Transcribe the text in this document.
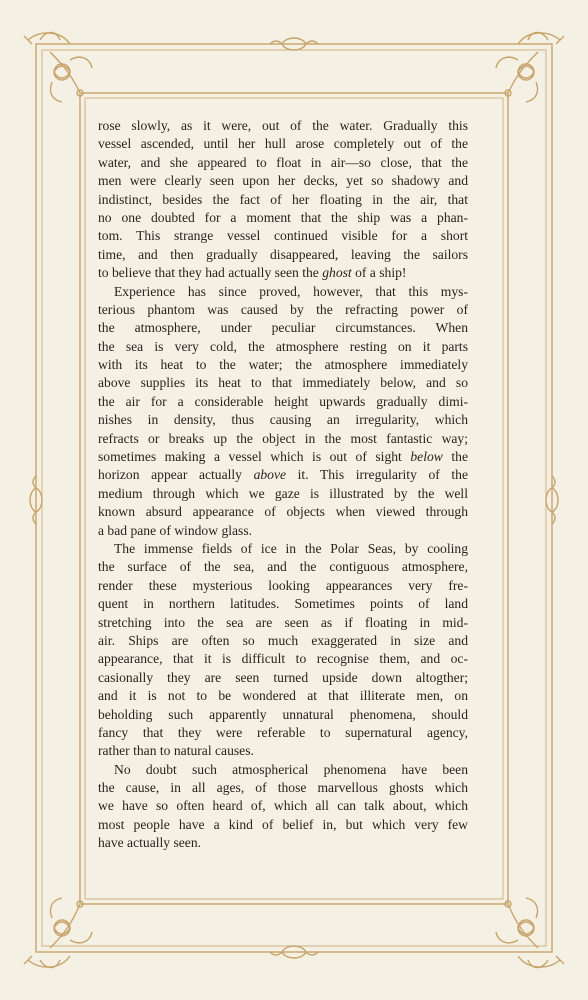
rose slowly, as it were, out of the water. Gradually this
vessel ascended, until her hull arose completely out of the
water, and she appeared to float in air—so close, that the
men were clearly seen upon her decks, yet so shadowy and
indistinct, besides the fact of her floating in the air, that
no one doubted for a moment that the ship was a phan-
tom. This strange vessel continued visible for a short
time, and then gradually disappeared, leaving the sailors
to believe that they had actually seen the ghost of a ship!
Experience has since proved, however, that this mys-
terious phantom was caused by the refracting power of
the atmosphere, under peculiar circumstances. When
the sea is very cold, the atmosphere resting on it parts
with its heat to the water; the atmosphere immediately
above supplies its heat to that immediately below, and so
the air for a considerable height upwards gradually dimi-
nishes in density, thus causing an irregularity, which
refracts or breaks up the object in the most fantastic way;
sometimes making a vessel which is out of sight below the
horizon appear actually above it. This irregularity of the
medium through which we gaze is illustrated by the well
known absurd appearance of objects when viewed through
a bad pane of window glass.
The immense fields of ice in the Polar Seas, by cooling
the surface of the sea, and the contiguous atmosphere,
render these mysterious looking appearances very fre-
quent in northern latitudes. Sometimes points of land
stretching into the sea are seen as if floating in mid-
air. Ships are often so much exaggerated in size and
appearance, that it is difficult to recognise them, and oc-
casionally they are seen turned upside down altogther;
and it is not to be wondered at that illiterate men, on
beholding such apparently unnatural phenomena, should
fancy that they were referable to supernatural agency,
rather than to natural causes.
No doubt such atmospherical phenomena have been
the cause, in all ages, of those marvellous ghosts which
we have so often heard of, which all can talk about, which
most people have a kind of belief in, but which very few
have actually seen.
